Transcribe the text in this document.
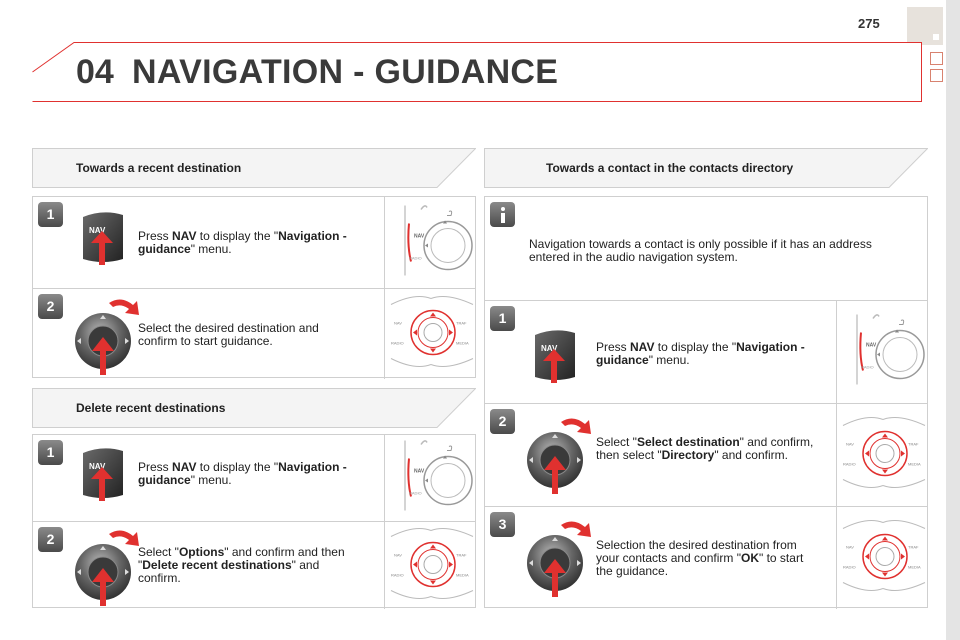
275
04 NAVIGATION - GUIDANCE
Towards a recent destination
1
NAV	Press NAV to display the "Navigation - guidance" menu.
NAV
RADIO
2
Select the desired destination and confirm to start guidance.
NAV	TRAF
RADIO	MEDIA
Delete recent destinations
1
NAV	Press NAV to display the "Navigation - guidance" menu.
NAV
RADIO
2
Select "Options" and confirm and then "Delete recent destinations" and confirm.
NAV	TRAF
RADIO	MEDIA
Towards a contact in the contacts directory
Navigation towards a contact is only possible if it has an address entered in the audio navigation system.
1
NAV	Press NAV to display the "Navigation - guidance" menu.
NAV
RADIO
2
Select "Select destination" and confirm, then select "Directory" and confirm.
NAV	TRAF
RADIO	MEDIA
3
Selection the desired destination from your contacts and confirm "OK" to start the guidance.
NAV	TRAF
RADIO	MEDIA
